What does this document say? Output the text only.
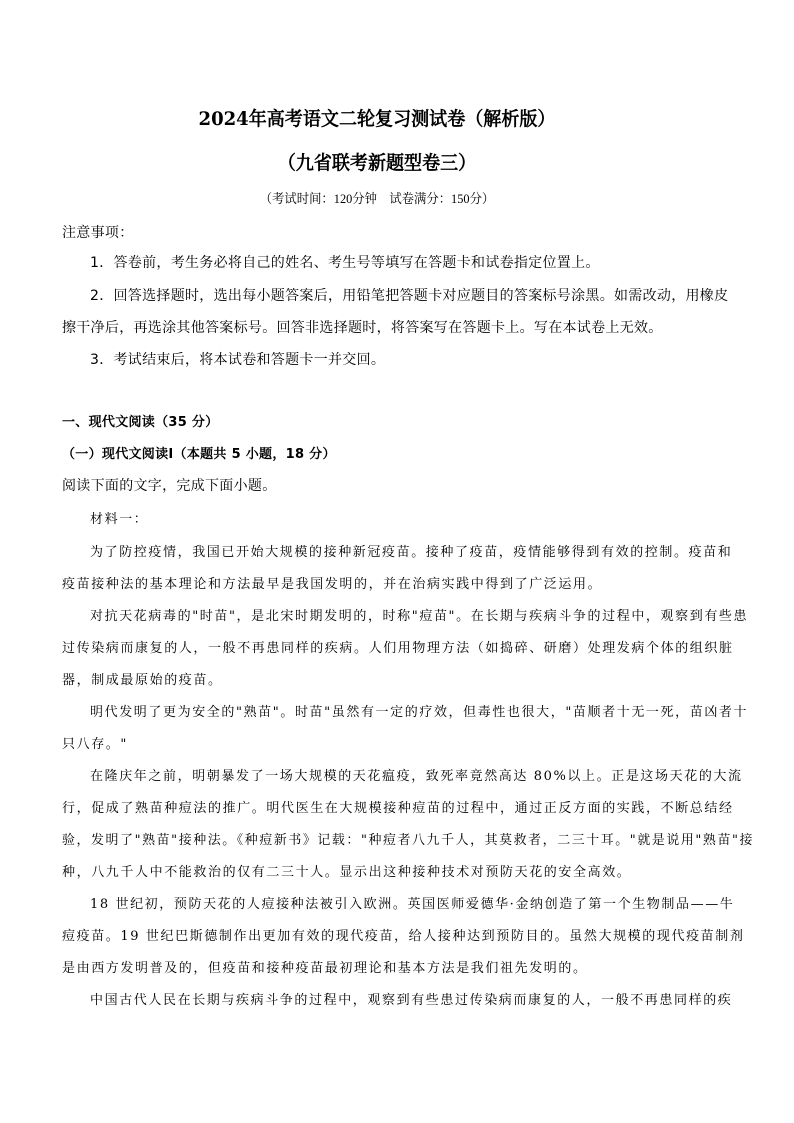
2024年高考语文二轮复习测试卷（解析版）
（九省联考新题型卷三）
（考试时间：120分钟　试卷满分：150分）
注意事项：
1．答卷前，考生务必将自己的姓名、考生号等填写在答题卡和试卷指定位置上。
2．回答选择题时，选出每小题答案后，用铅笔把答题卡对应题目的答案标号涂黑。如需改动，用橡皮
擦干净后，再选涂其他答案标号。回答非选择题时，将答案写在答题卡上。写在本试卷上无效。
3．考试结束后，将本试卷和答题卡一并交回。
一、现代文阅读（35 分）
（一）现代文阅读Ⅰ（本题共 5 小题，18 分）
阅读下面的文字，完成下面小题。
材料一：
为了防控疫情，我国已开始大规模的接种新冠疫苗。接种了疫苗，疫情能够得到有效的控制。疫苗和
疫苗接种法的基本理论和方法最早是我国发明的，并在治病实践中得到了广泛运用。
对抗天花病毒的"时苗"，是北宋时期发明的，时称"痘苗"。在长期与疾病斗争的过程中，观察到有些患
过传染病而康复的人，一般不再患同样的疾病。人们用物理方法（如捣碎、研磨）处理发病个体的组织脏
器，制成最原始的疫苗。
明代发明了更为安全的"熟苗"。时苗"虽然有一定的疗效，但毒性也很大，"苗顺者十无一死，苗凶者十
只八存。"
在隆庆年之前，明朝暴发了一场大规模的天花瘟疫，致死率竟然高达 80%以上。正是这场天花的大流
行，促成了熟苗种痘法的推广。明代医生在大规模接种痘苗的过程中，通过正反方面的实践，不断总结经
验，发明了"熟苗"接种法。《种痘新书》记载："种痘者八九千人，其莫救者，二三十耳。"就是说用"熟苗"接
种，八九千人中不能救治的仅有二三十人。显示出这种接种技术对预防天花的安全高效。
18 世纪初，预防天花的人痘接种法被引入欧洲。英国医师爱德华·金纳创造了第一个生物制品——牛
痘疫苗。19 世纪巴斯德制作出更加有效的现代疫苗，给人接种达到预防目的。虽然大规模的现代疫苗制剂
是由西方发明普及的，但疫苗和接种疫苗最初理论和基本方法是我们祖先发明的。
中国古代人民在长期与疾病斗争的过程中，观察到有些患过传染病而康复的人，一般不再患同样的疾
